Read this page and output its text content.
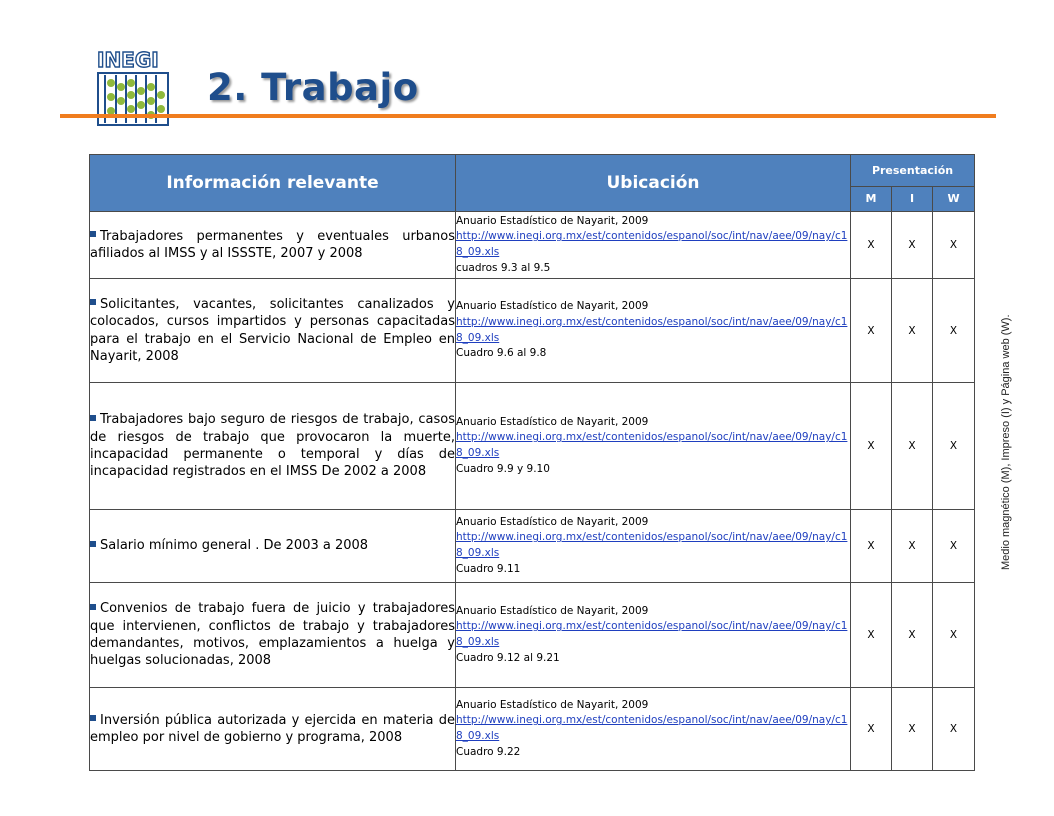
INEGI
2. Trabajo
Medio magnético (M), Impreso (I) y Página web (W).
Información relevante	Ubicación	Presentación		
		M	I	W
Trabajadores permanentes y eventuales urbanos afiliados al IMSS y al ISSSTE, 2007 y 2008	Anuario Estadístico de Nayarit, 2009
http://www.inegi.org.mx/est/contenidos/espanol/soc/int/nav/aee/09/nay/c18_09.xls
cuadros 9.3 al 9.5	X	X	X
Solicitantes, vacantes, solicitantes canalizados y colocados, cursos impartidos y personas capacitadas para el trabajo en el Servicio Nacional de Empleo en Nayarit, 2008	Anuario Estadístico de Nayarit, 2009
http://www.inegi.org.mx/est/contenidos/espanol/soc/int/nav/aee/09/nay/c18_09.xls
Cuadro 9.6 al 9.8	X	X	X
Trabajadores bajo seguro de riesgos de trabajo, casos de riesgos de trabajo que provocaron la muerte, incapacidad permanente o temporal y días de incapacidad registrados en el IMSS De 2002 a 2008	Anuario Estadístico de Nayarit, 2009
http://www.inegi.org.mx/est/contenidos/espanol/soc/int/nav/aee/09/nay/c18_09.xls
Cuadro 9.9 y 9.10	X	X	X
Salario mínimo general . De 2003 a 2008	Anuario Estadístico de Nayarit, 2009
http://www.inegi.org.mx/est/contenidos/espanol/soc/int/nav/aee/09/nay/c18_09.xls
Cuadro 9.11	X	X	X
Convenios de trabajo fuera de juicio y trabajadores que intervienen, conflictos de trabajo y trabajadores demandantes, motivos, emplazamientos a huelga y huelgas solucionadas, 2008	Anuario Estadístico de Nayarit, 2009
http://www.inegi.org.mx/est/contenidos/espanol/soc/int/nav/aee/09/nay/c18_09.xls
Cuadro 9.12 al 9.21	X	X	X
Inversión pública autorizada y ejercida en materia de empleo por nivel de gobierno y programa, 2008	Anuario Estadístico de Nayarit, 2009
http://www.inegi.org.mx/est/contenidos/espanol/soc/int/nav/aee/09/nay/c18_09.xls
Cuadro 9.22	X	X	X
